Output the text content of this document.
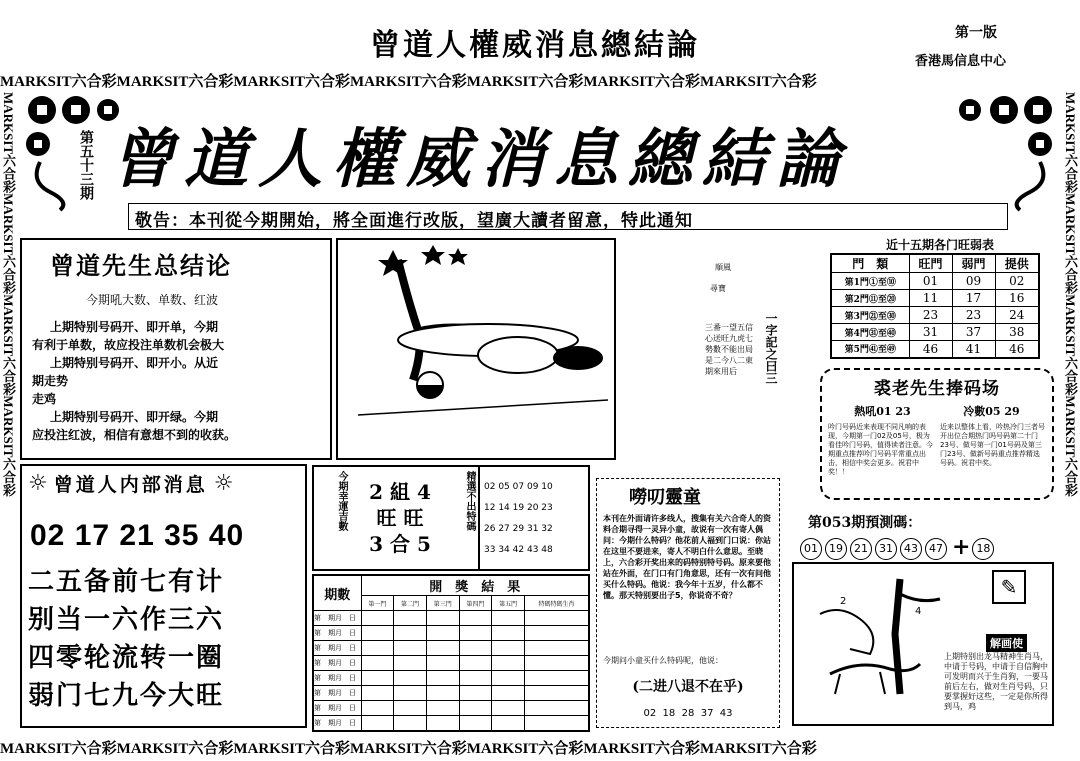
曾道人權威消息總結論	第一版
香港馬信息中心
MARKSIT六合彩MARKSIT六合彩MARKSIT六合彩MARKSIT六合彩MARKSIT六合彩MARKSIT六合彩MARKSIT六合彩
MARKSIT六合彩MARKSIT六合彩MARKSIT六合彩MARKSIT六合彩MARKSIT六合彩MARKSIT六合彩MARKSIT六合彩
MARKSIT六合彩MARKSIT六合彩MARKSIT六合彩MARKSIT六合彩	MARKSIT六合彩MARKSIT六合彩MARKSIT六合彩MARKSIT六合彩
第五十三期 曾道人權威消息總結論
敬告：本刊從今期開始，將全面進行改版，望廣大讀者留意，特此通知
曾道先生总结论
今期吼大数、单数、红波
上期特别号码开、即开单，今期
有利于单数，故应投注单数机会极大
上期特别号码开、即开小。从近
期走势
走鸡
上期特别号码开、即开绿。今期
应投注红波，相信有意想不到的收获。
順風
尋寶
一字記之曰三
三番一望五信心送旺九虎七勢數不能出局是二今八二東期來用后
近十五期各门旺弱表
門　類	旺門	弱門	提供
第1門①至⑩	01	09	02
第2門⑪至⑳	11	17	16
第3門㉑至㉚	23	23	24
第4門㉛至㊵	31	37	38
第5門㊶至㊾	46	41	46
裘老先生捧码场
熱吼01 23	冷數05 29
吟门号码近来表现不同凡响的表现，今期第一门02及05号，极为看佳吟门号码，值得读者注意。今期重点推荐吟门号码平常重点出击，相信中奖会更多。祝君中奖！！
近来以整体上看，吟热冷门三者号开出位合期热门吗号码第二十门23号、做号第一门01号码及第三门23号、做新号码重点推荐精选号码。祝君中奖。
☼ 曾道人内部消息 ☼
02 17 21 35 40
二五备前七有计
别当一六作三六
四零轮流转一圈
弱门七九今大旺
今期幸運吉數	2 組 4
旺 旺
3 合 5
精選不出特碼 02 05 07 09 10
12 14 19 20 23
26 27 29 31 32
33 34 42 43 48
期數	開　獎　結　果					
	第一門	第二門	第三門	第四門	第五門	特碼特碼生肖
第　期月　日						
第　期月　日						
第　期月　日						
第　期月　日						
第　期月　日						
第　期月　日						
第　期月　日						
第　期月　日						
嘮叨靈童
本刊在外面请许多线人，搜集有关六合奇人的资料合期寻得一灵异小童，故说有一次有寄人偶问：今期什么特码？他花前人福到门口说：你站在这里不要进来，寄人不明白什么意思。至晓上，六合彩开奖出来的码特别特号码。原来要他站在外面，在门口有门角意思，还有一次有问他买什么特码。他说：我今年十五岁，什么都不懂。那天特别要出子5，你说奇不奇？
今期问小童买什么特码呢，他说：
(二进八退不在乎)
02  18  28  37  43
第053期預測碼：
01 19 21 31 43 47 + 18
2
4
解画使
✎
上期特别出龙马精神生肖马，中请于号码，中请于自信胸中可发明而兴于生肖狗，一要马前后左右，做对生肖号码，只要掌握好这些，一定是你所得到马，鸡
